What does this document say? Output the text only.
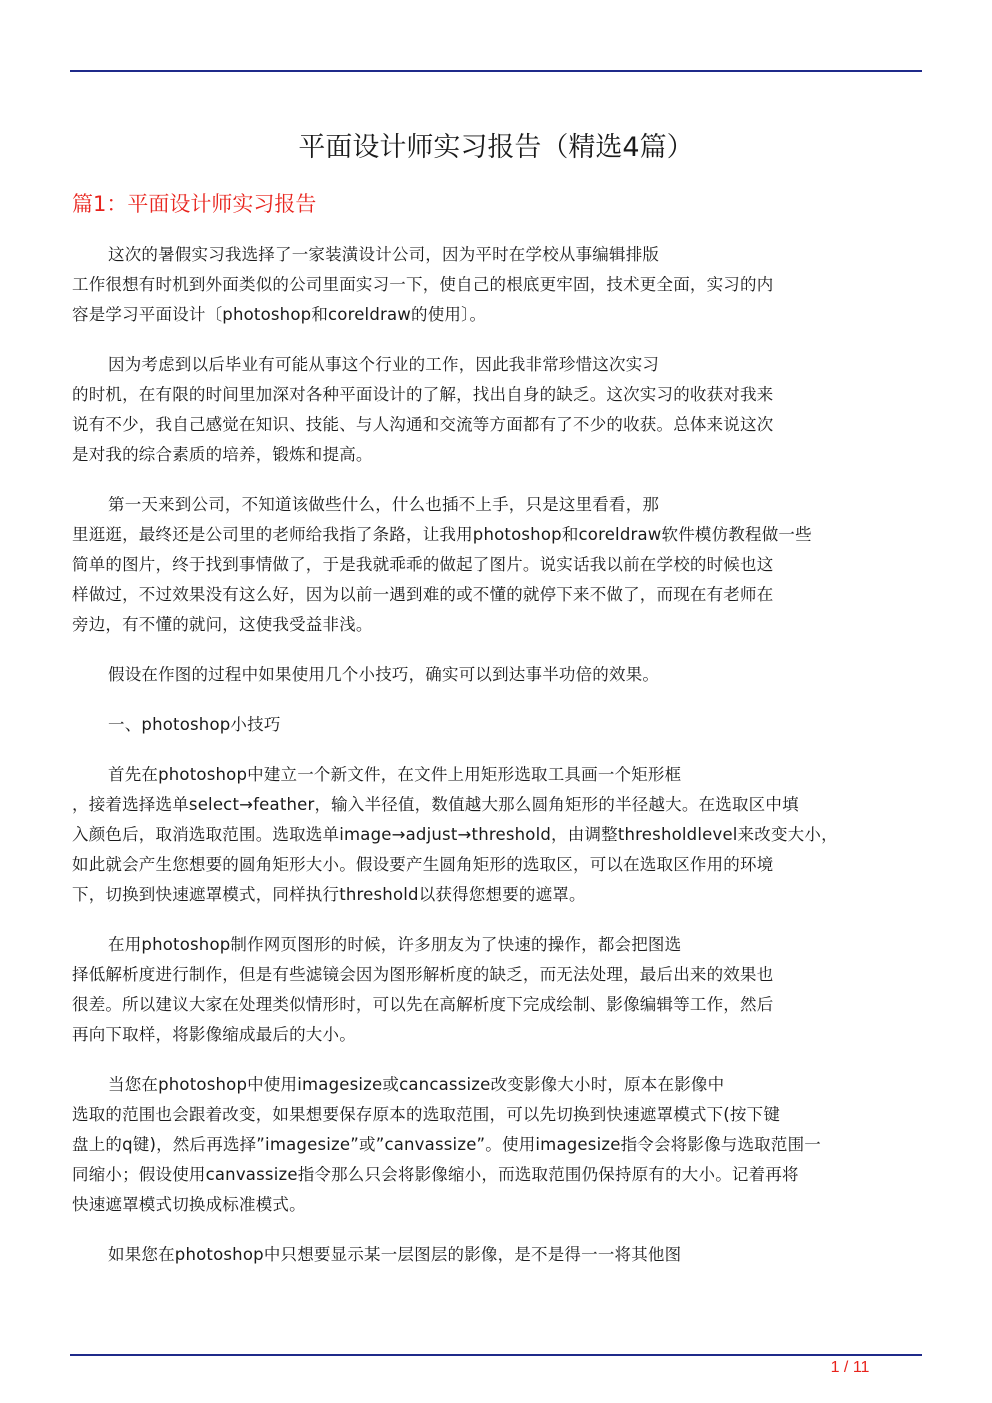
平面设计师实习报告（精选4篇）
篇1：平面设计师实习报告

这次的暑假实习我选择了一家装潢设计公司，因为平时在学校从事编辑排版
工作很想有时机到外面类似的公司里面实习一下，使自己的根底更牢固，技术更全面，实习的内
容是学习平面设计〔photoshop和coreldraw的使用〕。

因为考虑到以后毕业有可能从事这个行业的工作，因此我非常珍惜这次实习
的时机，在有限的时间里加深对各种平面设计的了解，找出自身的缺乏。这次实习的收获对我来
说有不少，我自己感觉在知识、技能、与人沟通和交流等方面都有了不少的收获。总体来说这次
是对我的综合素质的培养，锻炼和提高。

第一天来到公司，不知道该做些什么，什么也插不上手，只是这里看看，那
里逛逛，最终还是公司里的老师给我指了条路，让我用photoshop和coreldraw软件模仿教程做一些
简单的图片，终于找到事情做了，于是我就乖乖的做起了图片。说实话我以前在学校的时候也这
样做过，不过效果没有这么好，因为以前一遇到难的或不懂的就停下来不做了，而现在有老师在
旁边，有不懂的就问，这使我受益非浅。

假设在作图的过程中如果使用几个小技巧，确实可以到达事半功倍的效果。

一、photoshop小技巧

首先在photoshop中建立一个新文件，在文件上用矩形选取工具画一个矩形框
，接着选择选单select→feather，输入半径值，数值越大那么圆角矩形的半径越大。在选取区中填
入颜色后，取消选取范围。选取选单image→adjust→threshold，由调整thresholdlevel来改变大小，
如此就会产生您想要的圆角矩形大小。假设要产生圆角矩形的选取区，可以在选取区作用的环境
下，切换到快速遮罩模式，同样执行threshold以获得您想要的遮罩。

在用photoshop制作网页图形的时候，许多朋友为了快速的操作，都会把图选
择低解析度进行制作，但是有些滤镜会因为图形解析度的缺乏，而无法处理，最后出来的效果也
很差。所以建议大家在处理类似情形时，可以先在高解析度下完成绘制、影像编辑等工作，然后
再向下取样，将影像缩成最后的大小。

当您在photoshop中使用imagesize或cancassize改变影像大小时，原本在影像中
选取的范围也会跟着改变，如果想要保存原本的选取范围，可以先切换到快速遮罩模式下(按下键
盘上的q键)，然后再选择”imagesize”或”canvassize”。使用imagesize指令会将影像与选取范围一
同缩小；假设使用canvassize指令那么只会将影像缩小，而选取范围仍保持原有的大小。记着再将
快速遮罩模式切换成标准模式。

如果您在photoshop中只想要显示某一层图层的影像，是不是得一一将其他图

1 / 11
